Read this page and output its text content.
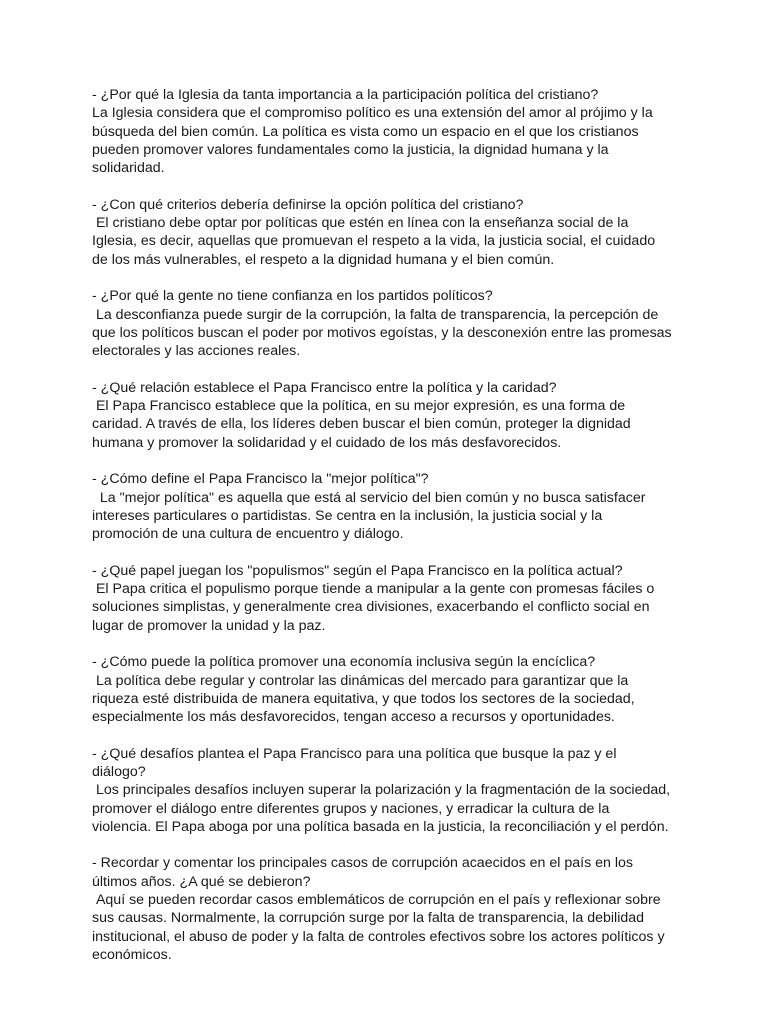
- ¿Por qué la Iglesia da tanta importancia a la participación política del cristiano?
La Iglesia considera que el compromiso político es una extensión del amor al prójimo y la búsqueda del bien común. La política es vista como un espacio en el que los cristianos pueden promover valores fundamentales como la justicia, la dignidad humana y la solidaridad.
- ¿Con qué criterios debería definirse la opción política del cristiano?
El cristiano debe optar por políticas que estén en línea con la enseñanza social de la Iglesia, es decir, aquellas que promuevan el respeto a la vida, la justicia social, el cuidado de los más vulnerables, el respeto a la dignidad humana y el bien común.
- ¿Por qué la gente no tiene confianza en los partidos políticos?
La desconfianza puede surgir de la corrupción, la falta de transparencia, la percepción de que los políticos buscan el poder por motivos egoístas, y la desconexión entre las promesas electorales y las acciones reales.
- ¿Qué relación establece el Papa Francisco entre la política y la caridad?
El Papa Francisco establece que la política, en su mejor expresión, es una forma de caridad. A través de ella, los líderes deben buscar el bien común, proteger la dignidad humana y promover la solidaridad y el cuidado de los más desfavorecidos.
- ¿Cómo define el Papa Francisco la "mejor política"?
La "mejor política" es aquella que está al servicio del bien común y no busca satisfacer intereses particulares o partidistas. Se centra en la inclusión, la justicia social y la promoción de una cultura de encuentro y diálogo.
- ¿Qué papel juegan los "populismos" según el Papa Francisco en la política actual?
El Papa critica el populismo porque tiende a manipular a la gente con promesas fáciles o soluciones simplistas, y generalmente crea divisiones, exacerbando el conflicto social en lugar de promover la unidad y la paz.
- ¿Cómo puede la política promover una economía inclusiva según la encíclica?
La política debe regular y controlar las dinámicas del mercado para garantizar que la riqueza esté distribuida de manera equitativa, y que todos los sectores de la sociedad, especialmente los más desfavorecidos, tengan acceso a recursos y oportunidades.
- ¿Qué desafíos plantea el Papa Francisco para una política que busque la paz y el diálogo?
Los principales desafíos incluyen superar la polarización y la fragmentación de la sociedad, promover el diálogo entre diferentes grupos y naciones, y erradicar la cultura de la violencia. El Papa aboga por una política basada en la justicia, la reconciliación y el perdón.
- Recordar y comentar los principales casos de corrupción acaecidos en el país en los últimos años. ¿A qué se debieron?
Aquí se pueden recordar casos emblemáticos de corrupción en el país y reflexionar sobre sus causas. Normalmente, la corrupción surge por la falta de transparencia, la debilidad institucional, el abuso de poder y la falta de controles efectivos sobre los actores políticos y económicos.
